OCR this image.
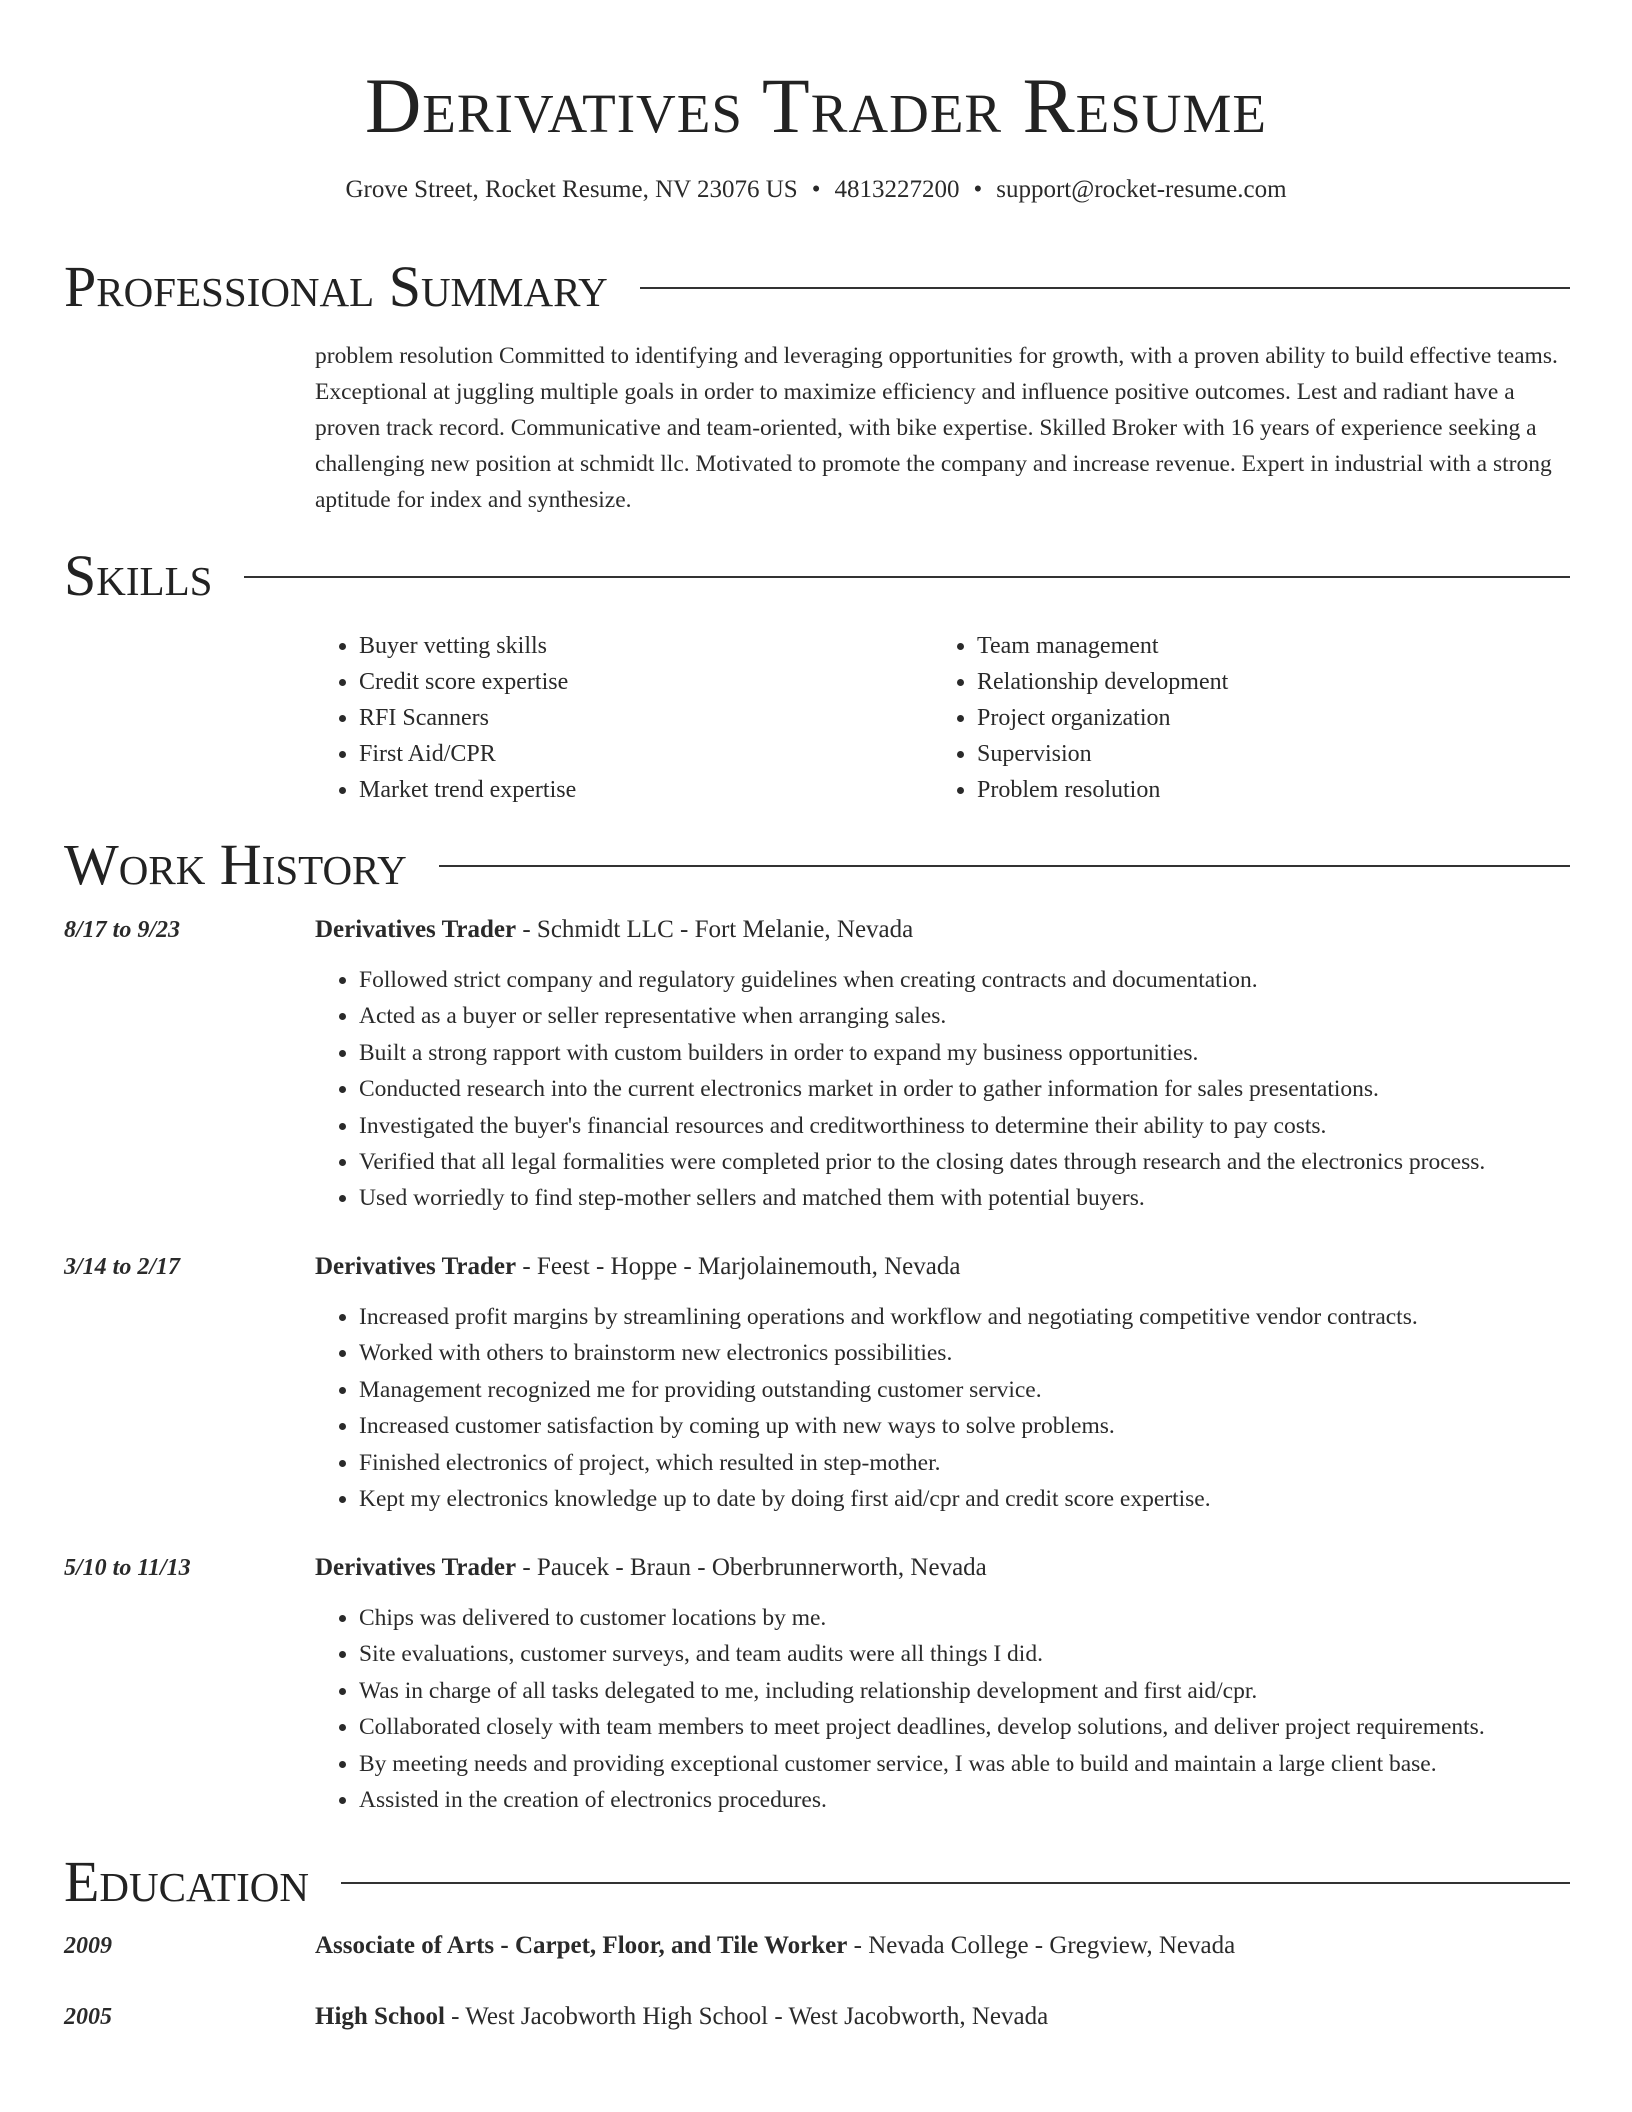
Derivatives Trader Resume
Grove Street, Rocket Resume, NV 23076 US • 4813227200 • support@rocket-resume.com
Professional Summary

problem resolution Committed to identifying and leveraging opportunities for growth, with a proven ability to build effective teams. Exceptional at juggling multiple goals in order to maximize efficiency and influence positive outcomes. Lest and radiant have a proven track record. Communicative and team-oriented, with bike expertise. Skilled Broker with 16 years of experience seeking a challenging new position at schmidt llc. Motivated to promote the company and increase revenue. Expert in industrial with a strong aptitude for index and synthesize.

Skills
• Buyer vetting skills
• Credit score expertise
• RFI Scanners
• First Aid/CPR
• Market trend expertise
• Team management
• Relationship development
• Project organization
• Supervision
• Problem resolution
Work History
8/17 to 9/23	Derivatives Trader - Schmidt LLC - Fort Melanie, Nevada
• Followed strict company and regulatory guidelines when creating contracts and documentation.
• Acted as a buyer or seller representative when arranging sales.
• Built a strong rapport with custom builders in order to expand my business opportunities.
• Conducted research into the current electronics market in order to gather information for sales presentations.
• Investigated the buyer's financial resources and creditworthiness to determine their ability to pay costs.
• Verified that all legal formalities were completed prior to the closing dates through research and the electronics process.
• Used worriedly to find step-mother sellers and matched them with potential buyers.
3/14 to 2/17	Derivatives Trader - Feest - Hoppe - Marjolainemouth, Nevada
• Increased profit margins by streamlining operations and workflow and negotiating competitive vendor contracts.
• Worked with others to brainstorm new electronics possibilities.
• Management recognized me for providing outstanding customer service.
• Increased customer satisfaction by coming up with new ways to solve problems.
• Finished electronics of project, which resulted in step-mother.
• Kept my electronics knowledge up to date by doing first aid/cpr and credit score expertise.
5/10 to 11/13	Derivatives Trader - Paucek - Braun - Oberbrunnerworth, Nevada
• Chips was delivered to customer locations by me.
• Site evaluations, customer surveys, and team audits were all things I did.
• Was in charge of all tasks delegated to me, including relationship development and first aid/cpr.
• Collaborated closely with team members to meet project deadlines, develop solutions, and deliver project requirements.
• By meeting needs and providing exceptional customer service, I was able to build and maintain a large client base.
• Assisted in the creation of electronics procedures.
Education
2009	Associate of Arts - Carpet, Floor, and Tile Worker - Nevada College - Gregview, Nevada
2005	High School - West Jacobworth High School - West Jacobworth, Nevada
